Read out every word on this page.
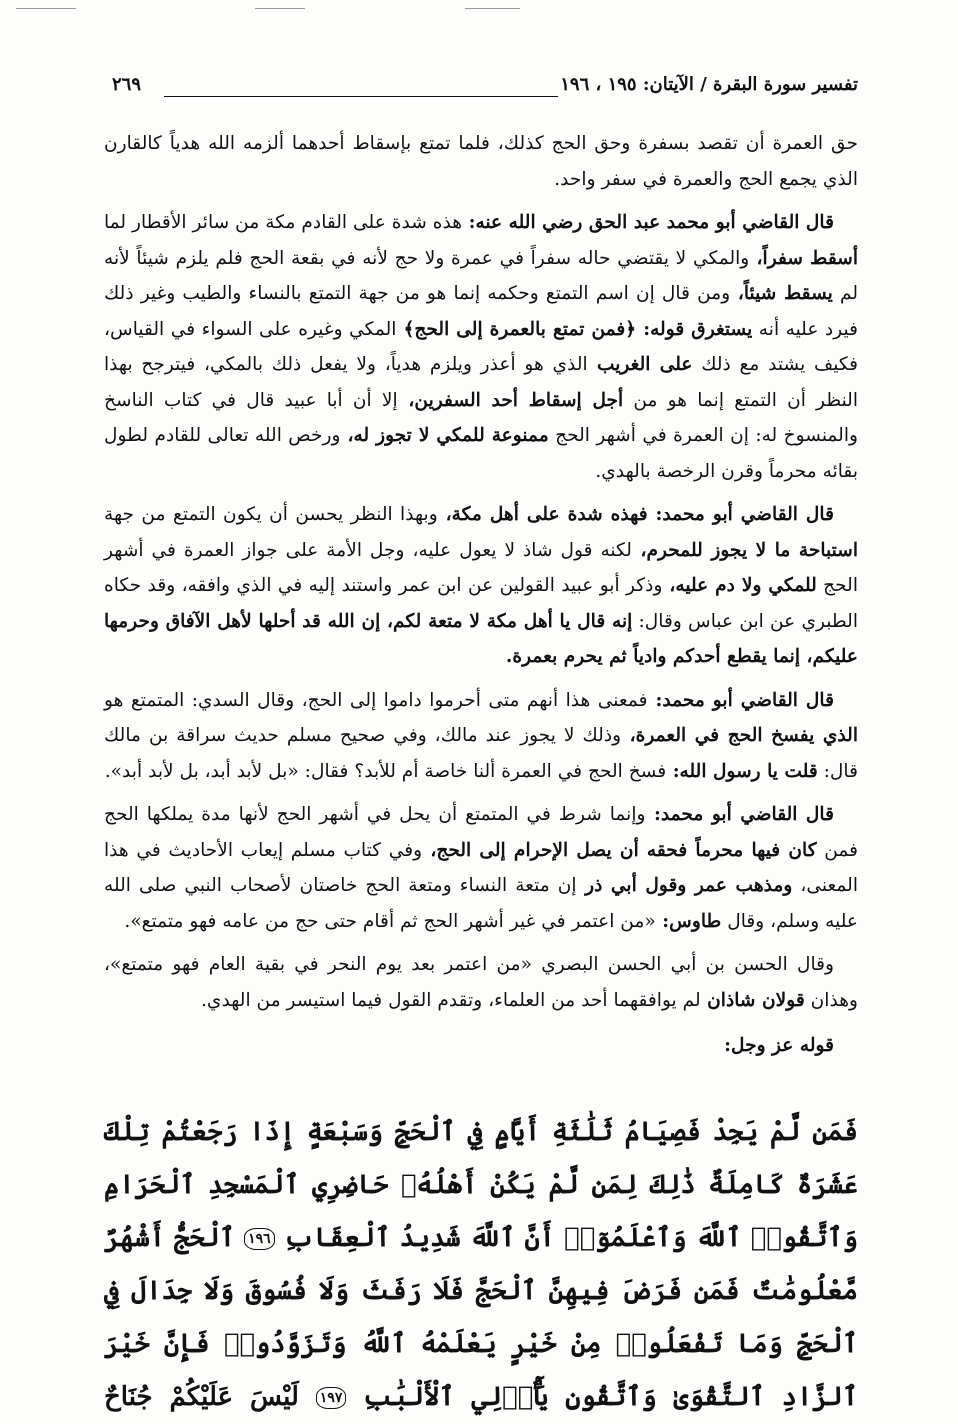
تفسير سورة البقرة / الآيتان: ١٩٥ ، ١٩٦
٢٦٩

حق العمرة أن تقصد بسفرة وحق الحج كذلك، فلما تمتع بإسقاط أحدهما ألزمه الله هدياً كالقارن الذي يجمع الحج والعمرة في سفر واحد.

قال القاضي أبو محمد عبد الحق رضي الله عنه: هذه شدة على القادم مكة من سائر الأقطار لما أسقط سفراً، والمكي لا يقتضي حاله سفراً في عمرة ولا حج لأنه في بقعة الحج فلم يلزم شيئاً لأنه لم يسقط شيئاً، ومن قال إن اسم التمتع وحكمه إنما هو من جهة التمتع بالنساء والطيب وغير ذلك فيرد عليه أنه يستغرق قوله: ﴿فمن تمتع بالعمرة إلى الحج﴾ المكي وغيره على السواء في القياس، فكيف يشتد مع ذلك على الغريب الذي هو أعذر ويلزم هدياً، ولا يفعل ذلك بالمكي، فيترجح بهذا النظر أن التمتع إنما هو من أجل إسقاط أحد السفرين، إلا أن أبا عبيد قال في كتاب الناسخ والمنسوخ له: إن العمرة في أشهر الحج ممنوعة للمكي لا تجوز له، ورخص الله تعالى للقادم لطول بقائه محرماً وقرن الرخصة بالهدي.

قال القاضي أبو محمد: فهذه شدة على أهل مكة، وبهذا النظر يحسن أن يكون التمتع من جهة استباحة ما لا يجوز للمحرم، لكنه قول شاذ لا يعول عليه، وجل الأمة على جواز العمرة في أشهر الحج للمكي ولا دم عليه، وذكر أبو عبيد القولين عن ابن عمر واستند إليه في الذي وافقه، وقد حكاه الطبري عن ابن عباس وقال: إنه قال يا أهل مكة لا متعة لكم، إن الله قد أحلها لأهل الآفاق وحرمها عليكم، إنما يقطع أحدكم وادياً ثم يحرم بعمرة.

قال القاضي أبو محمد: فمعنى هذا أنهم متى أحرموا داموا إلى الحج، وقال السدي: المتمتع هو الذي يفسخ الحج في العمرة، وذلك لا يجوز عند مالك، وفي صحيح مسلم حديث سراقة بن مالك قال: قلت يا رسول الله: فسخ الحج في العمرة ألنا خاصة أم للأبد؟ فقال: «بل لأبد أبد، بل لأبد أبد».

قال القاضي أبو محمد: وإنما شرط في المتمتع أن يحل في أشهر الحج لأنها مدة يملكها الحج فمن كان فيها محرماً فحقه أن يصل الإحرام إلى الحج، وفي كتاب مسلم إيعاب الأحاديث في هذا المعنى، ومذهب عمر وقول أبي ذر إن متعة النساء ومتعة الحج خاصتان لأصحاب النبي صلى الله عليه وسلم، وقال طاوس: «من اعتمر في غير أشهر الحج ثم أقام حتى حج من عامه فهو متمتع».

وقال الحسن بن أبي الحسن البصري «من اعتمر بعد يوم النحر في بقية العام فهو متمتع»، وهذان قولان شاذان لم يوافقهما أحد من العلماء، وتقدم القول فيما استيسر من الهدي.

قوله عز وجل:

فَمَن لَّمْ يَجِدْ فَصِيَامُ ثَلَٰثَةِ أَيَّامٍ فِي ٱلْحَجِّ وَسَبْعَةٍ إِذَا رَجَعْتُمْ تِلْكَ عَشَرَةٌ كَامِلَةٌ ذَٰلِكَ لِمَن لَّمْ يَكُنْ أَهْلُهُۥ حَاضِرِي ٱلْمَسْجِدِ ٱلْحَرَامِ وَٱتَّقُوا۟ ٱللَّهَ وَٱعْلَمُوٓا۟ أَنَّ ٱللَّهَ شَدِيدُ ٱلْعِقَابِ ١٩٦ ٱلْحَجُّ أَشْهُرٌ مَّعْلُومَٰتٌ فَمَن فَرَضَ فِيهِنَّ ٱلْحَجَّ فَلَا رَفَثَ وَلَا فُسُوقَ وَلَا جِدَالَ فِي ٱلْحَجِّ وَمَا تَفْعَلُوا۟ مِنْ خَيْرٍ يَعْلَمْهُ ٱللَّهُ وَتَزَوَّدُوا۟ فَإِنَّ خَيْرَ ٱلزَّادِ ٱلتَّقْوَىٰ وَٱتَّقُونِ يَٰٓأُو۟لِي ٱلْأَلْبَٰبِ ١٩٧ لَيْسَ عَلَيْكُمْ جُنَاحٌ
